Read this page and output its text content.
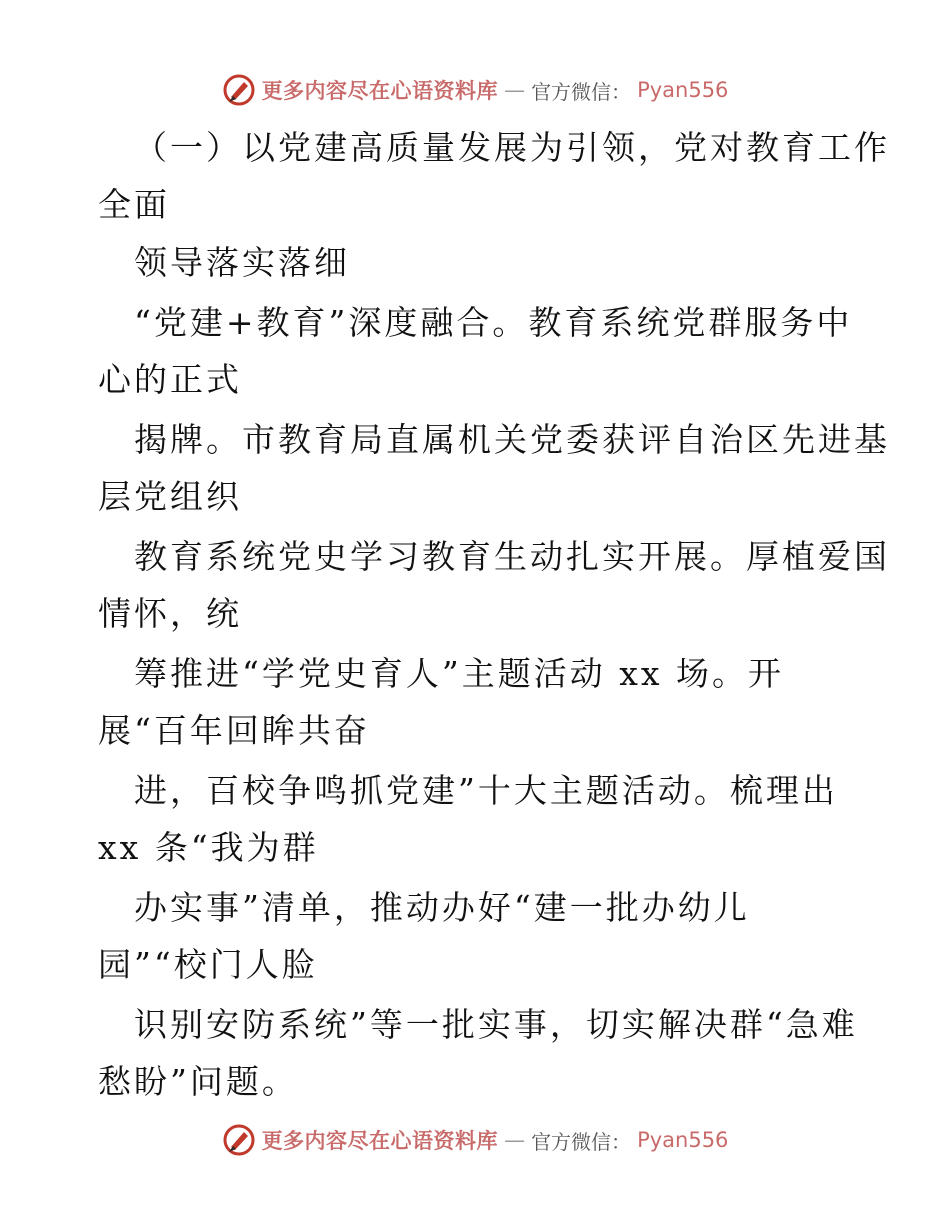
更多内容尽在心语资料库 — 官方微信： Pyan556
（一）以党建高质量发展为引领，党对教育工作
全面
领导落实落细
“党建+教育”深度融合。教育系统党群服务中
心的正式
揭牌。市教育局直属机关党委获评自治区先进基
层党组织
教育系统党史学习教育生动扎实开展。厚植爱国
情怀，统
筹推进“学党史育人”主题活动 xx 场。开
展“百年回眸共奋
进，百校争鸣抓党建”十大主题活动。梳理出
xx 条“我为群
办实事”清单，推动办好“建一批办幼儿
园”“校门人脸
识别安防系统”等一批实事，切实解决群“急难
愁盼”问题。
更多内容尽在心语资料库 — 官方微信： Pyan556
